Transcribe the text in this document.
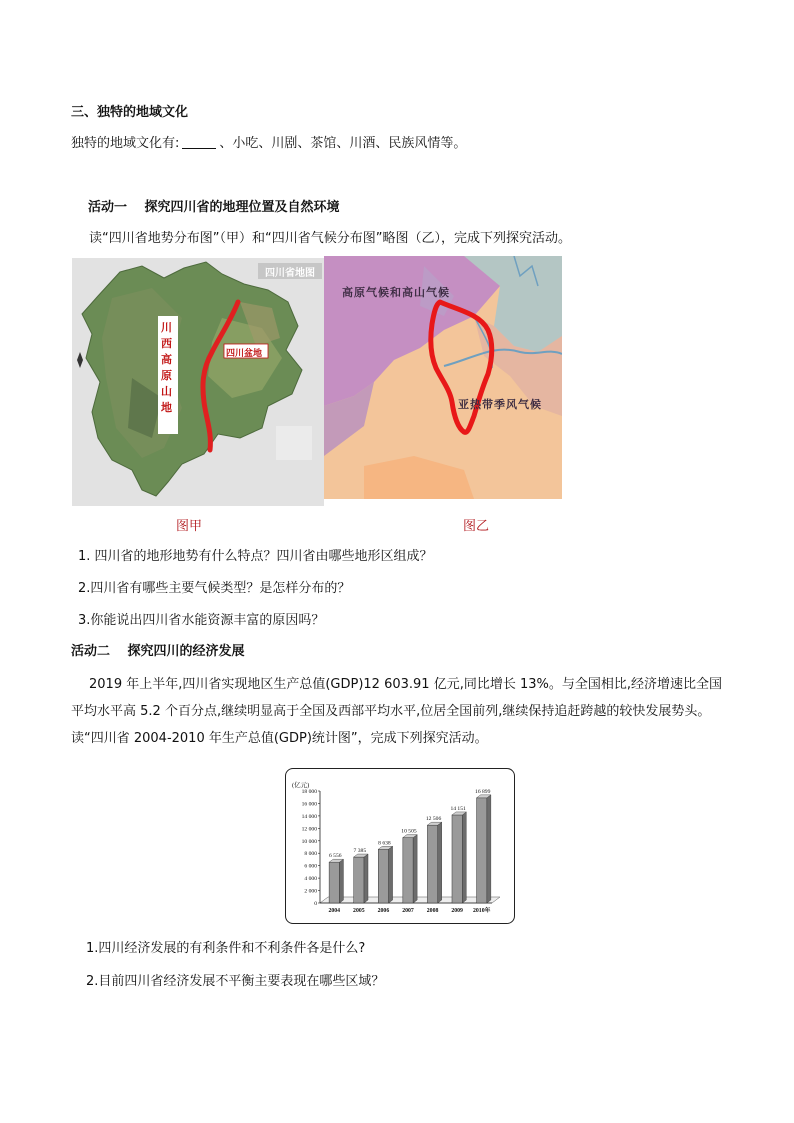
三、独特的地域文化
独特的地域文化有:	、小吃、川剧、茶馆、川酒、民族风情等。
活动一　 探究四川省的地理位置及自然环境
读“四川省地势分布图”（甲）和“四川省气候分布图”略图（乙），完成下列探究活动。
四川省地图
川西高原山地
四川盆地
高原气候和高山气候
亚热带季风气候
图甲	图乙
1. 四川省的地形地势有什么特点？四川省由哪些地形区组成？
2.四川省有哪些主要气候类型？是怎样分布的？
3.你能说出四川省水能资源丰富的原因吗？
活动二　 探究四川的经济发展
2019 年上半年,四川省实现地区生产总值(GDP)12 603.91 亿元,同比增长 13%。与全国相比,经济增速比全国平均水平高 5.2 个百分点,继续明显高于全国及西部平均水平,位居全国前列,继续保持追赶跨越的较快发展势头。读“四川省 2004-2010 年生产总值(GDP)统计图”，完成下列探究活动。
(亿元)
0
2 000
4 000
6 000
8 000
10 000
12 000
14 000
16 000
18 000
6 556
2004
7 385
2005
8 638
2006
10 505
2007
12 506
2008
14 151
2009
16 899
2010年
1.四川经济发展的有利条件和不利条件各是什么?
2.目前四川省经济发展不平衡主要表现在哪些区域？
